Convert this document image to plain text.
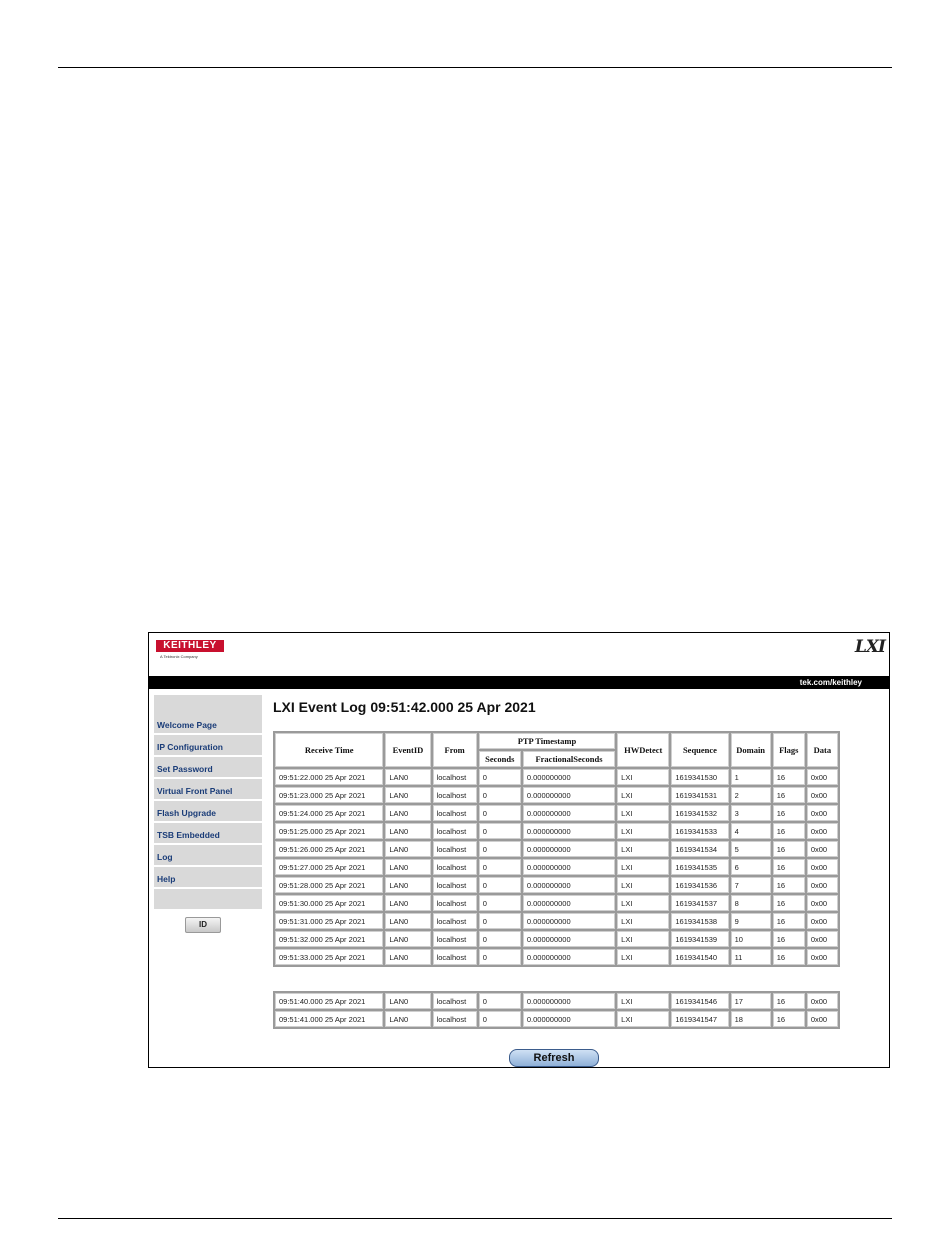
KEITHLEY
A Tektronix Company	LXI
tek.com/keithley
Welcome Page
IP Configuration
Set Password
Virtual Front Panel
Flash Upgrade
TSB Embedded
Log
Help
ID
LXI Event Log 09:51:42.000 25 Apr 2021
Receive Time	EventID	From	PTP Timestamp		HWDetect	Sequence	Domain	Flags	Data
			Seconds	FractionalSeconds					
09:51:22.000 25 Apr 2021	LAN0	localhost	0	0.000000000	LXI	1619341530	1	16	0x00
09:51:23.000 25 Apr 2021	LAN0	localhost	0	0.000000000	LXI	1619341531	2	16	0x00
09:51:24.000 25 Apr 2021	LAN0	localhost	0	0.000000000	LXI	1619341532	3	16	0x00
09:51:25.000 25 Apr 2021	LAN0	localhost	0	0.000000000	LXI	1619341533	4	16	0x00
09:51:26.000 25 Apr 2021	LAN0	localhost	0	0.000000000	LXI	1619341534	5	16	0x00
09:51:27.000 25 Apr 2021	LAN0	localhost	0	0.000000000	LXI	1619341535	6	16	0x00
09:51:28.000 25 Apr 2021	LAN0	localhost	0	0.000000000	LXI	1619341536	7	16	0x00
09:51:30.000 25 Apr 2021	LAN0	localhost	0	0.000000000	LXI	1619341537	8	16	0x00
09:51:31.000 25 Apr 2021	LAN0	localhost	0	0.000000000	LXI	1619341538	9	16	0x00
09:51:32.000 25 Apr 2021	LAN0	localhost	0	0.000000000	LXI	1619341539	10	16	0x00
09:51:33.000 25 Apr 2021	LAN0	localhost	0	0.000000000	LXI	1619341540	11	16	0x00
09:51:40.000 25 Apr 2021	LAN0	localhost	0	0.000000000	LXI	1619341546	17	16	0x00
09:51:41.000 25 Apr 2021	LAN0	localhost	0	0.000000000	LXI	1619341547	18	16	0x00
Refresh
